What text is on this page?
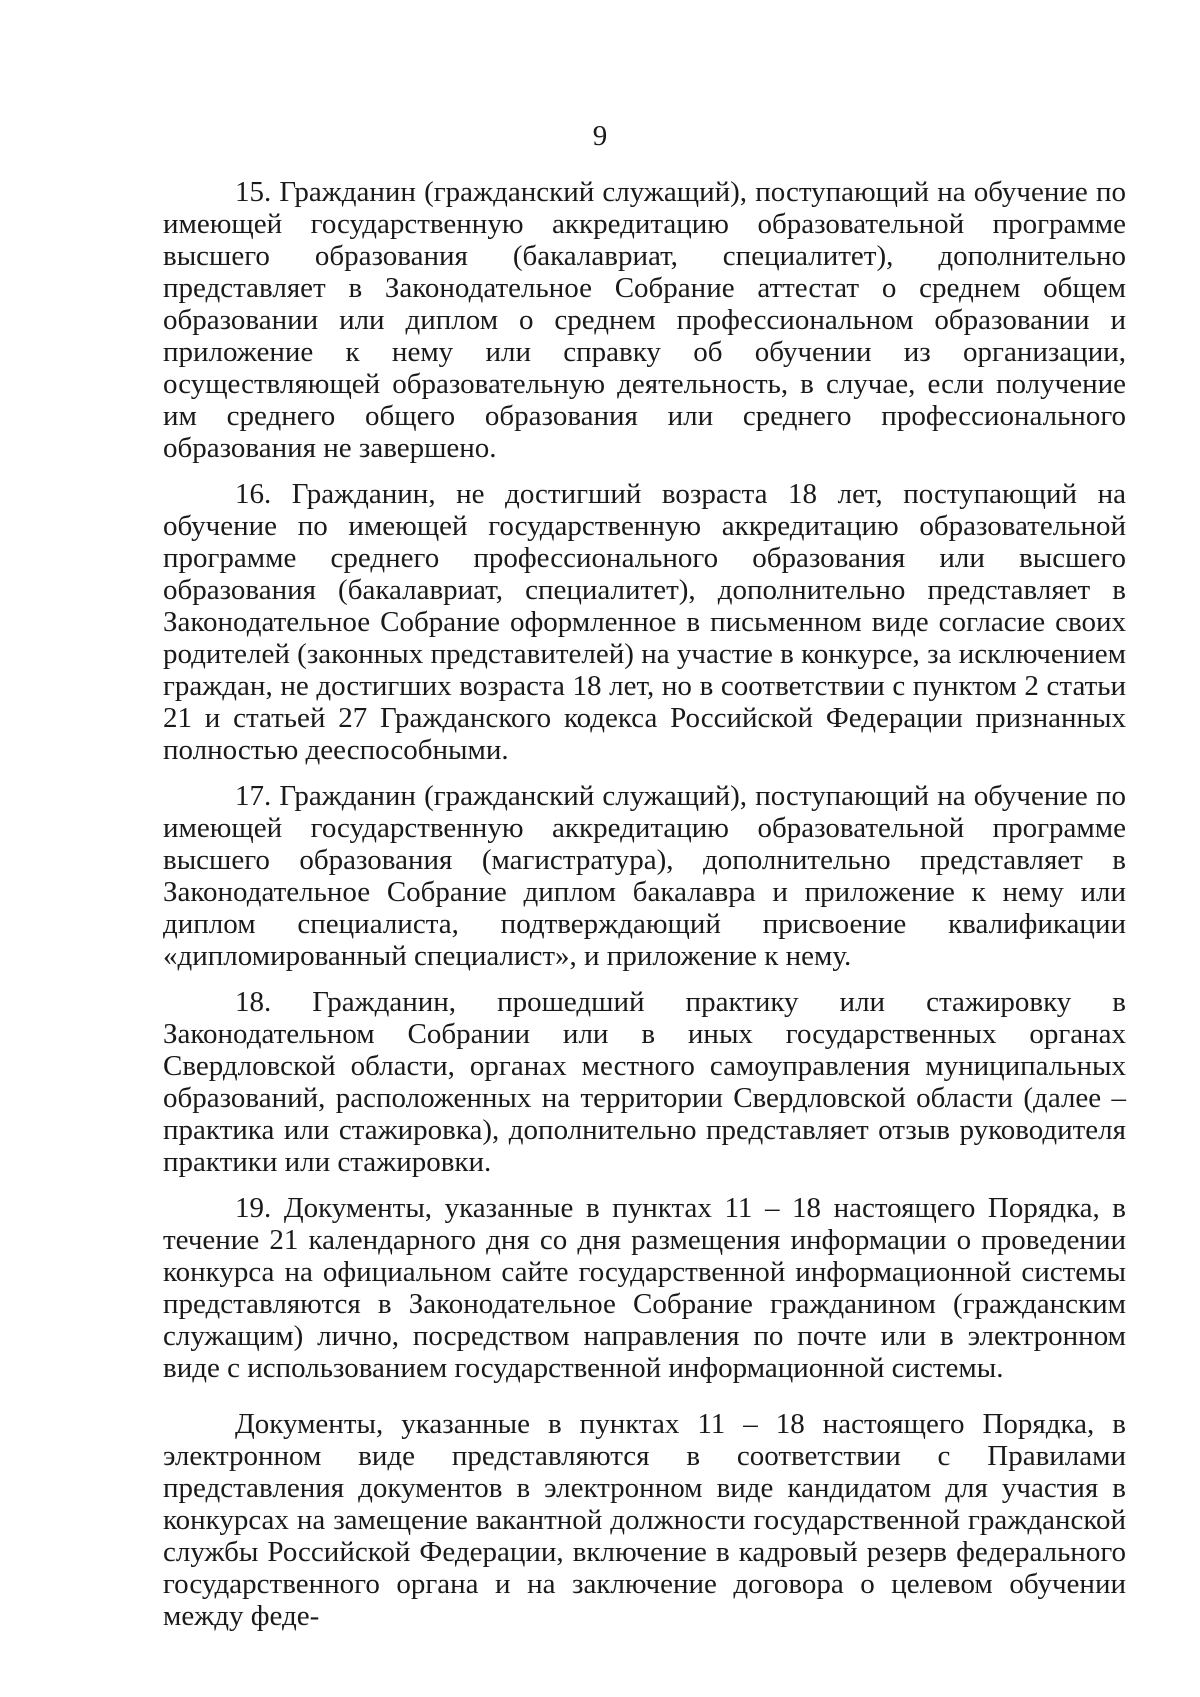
9

15. Гражданин (гражданский служащий), поступающий на обучение по имеющей государственную аккредитацию образовательной программе высшего образования (бакалавриат, специалитет), дополнительно представляет в Законодательное Собрание аттестат о среднем общем образовании или диплом о среднем профессиональном образовании и приложение к нему или справку об обучении из организации, осуществляющей образовательную деятельность, в случае, если получение им среднего общего образования или среднего профессионального образования не завершено.

16. Гражданин, не достигший возраста 18 лет, поступающий на обучение по имеющей государственную аккредитацию образовательной программе среднего профессионального образования или высшего образования (бакалавриат, специалитет), дополнительно представляет в Законодательное Собрание оформленное в письменном виде согласие своих родителей (законных представителей) на участие в конкурсе, за исключением граждан, не достигших возраста 18 лет, но в соответствии с пунктом 2 статьи 21 и статьей 27 Гражданского кодекса Российской Федерации признанных полностью дееспособными.

17. Гражданин (гражданский служащий), поступающий на обучение по имеющей государственную аккредитацию образовательной программе высшего образования (магистратура), дополнительно представляет в Законодательное Собрание диплом бакалавра и приложение к нему или диплом специалиста, подтверждающий присвоение квалификации «дипломированный специалист», и приложение к нему.

18. Гражданин, прошедший практику или стажировку в Законодательном Собрании или в иных государственных органах Свердловской области, органах местного самоуправления муниципальных образований, расположенных на территории Свердловской области (далее – практика или стажировка), дополнительно представляет отзыв руководителя практики или стажировки.

19. Документы, указанные в пунктах 11 – 18 настоящего Порядка, в течение 21 календарного дня со дня размещения информации о проведении конкурса на официальном сайте государственной информационной системы представляются в Законодательное Собрание гражданином (гражданским служащим) лично, посредством направления по почте или в электронном виде с использованием государственной информационной системы.

Документы, указанные в пунктах 11 – 18 настоящего Порядка, в электронном виде представляются в соответствии с Правилами представления документов в электронном виде кандидатом для участия в конкурсах на замещение вакантной должности государственной гражданской службы Российской Федерации, включение в кадровый резерв федерального государственного органа и на заключение договора о целевом обучении между феде-
